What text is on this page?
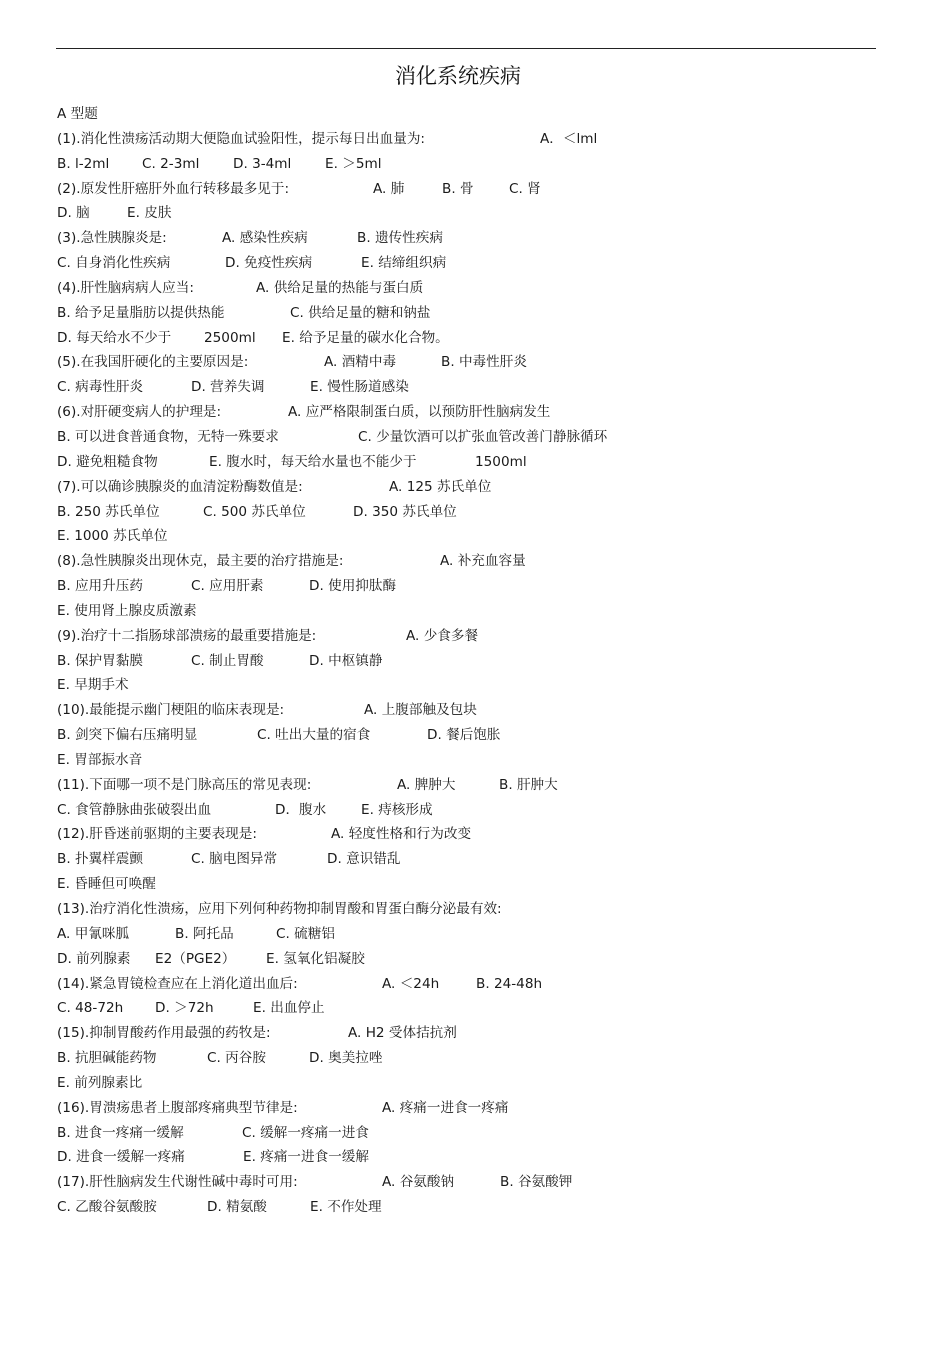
消化系统疾病
A 型题
(1).消化性溃疡活动期大便隐血试验阳性，提示每日出血量为:	A．＜lml
B. l-2ml C. 2-3ml D. 3-4ml E. ＞5ml
(2).原发性肝癌肝外血行转移最多见于:	A. 肺	B. 骨	C. 肾
D. 脑	E. 皮肤
(3).急性胰腺炎是:	A. 感染性疾病	B. 遗传性疾病
C. 自身消化性疾病	D. 免疫性疾病	E. 结缔组织病
(4).肝性脑病病人应当:	A. 供给足量的热能与蛋白质
B. 给予足量脂肪以提供热能	C. 供给足量的糖和钠盐
D. 每天给水不少于 2500ml E. 给予足量的碳水化合物。
(5).在我国肝硬化的主要原因是:	A. 酒精中毒	B. 中毒性肝炎
C. 病毒性肝炎	D. 营养失调	E. 慢性肠道感染
(6).对肝硬变病人的护理是:	A. 应严格限制蛋白质，以预防肝性脑病发生
B. 可以进食普通食物，无特一殊要求	C. 少量饮酒可以扩张血管改善门静脉循环
D. 避免粗糙食物	E. 腹水时，每天给水量也不能少于	1500ml
(7).可以确诊胰腺炎的血清淀粉酶数值是:	A. 125 苏氏单位
B. 250 苏氏单位	C. 500 苏氏单位	D. 350 苏氏单位
E. 1000 苏氏单位
(8).急性胰腺炎出现休克，最主要的治疗措施是:	A. 补充血容量
B. 应用升压药	C. 应用肝素	D. 使用抑肽酶
E. 使用肾上腺皮质激素
(9).治疗十二指肠球部溃疡的最重要措施是:	A. 少食多餐
B. 保护胃黏膜	C. 制止胃酸	D. 中枢镇静
E. 早期手术
(10).最能提示幽门梗阻的临床表现是:	A. 上腹部触及包块
B. 剑突下偏右压痛明显	C. 吐出大量的宿食	D. 餐后饱胀
E. 胃部振水音
(11).下面哪一项不是门脉高压的常见表现:	A. 脾肿大	B. 肝肿大
C. 食管静脉曲张破裂出血	D．腹水	E. 痔核形成
(12).肝昏迷前驱期的主要表现是:	A. 轻度性格和行为改变
B. 扑翼样震颤	C. 脑电图异常	D. 意识错乱
E. 昏睡但可唤醒
(13).治疗消化性溃疡，应用下列何种药物抑制胃酸和胃蛋白酶分泌最有效:
A. 甲氰咪胍	B. 阿托品	C. 硫糖铝
D. 前列腺素 E2（PGE2） E. 氢氧化铝凝胶
(14).紧急胃镜检查应在上消化道出血后:	A. ＜24h	B. 24-48h
C. 48-72h D. ＞72h	E. 出血停止
(15).抑制胃酸药作用最强的药牧是:	A. H2 受体拮抗剂
B. 抗胆碱能药物	C. 丙谷胺	D. 奥美拉唑
E. 前列腺素比
(16).胃溃疡患者上腹部疼痛典型节律是:	A. 疼痛一进食一疼痛
B. 进食一疼痛一缓解	C. 缓解一疼痛一进食
D. 进食一缓解一疼痛	E. 疼痛一进食一缓解
(17).肝性脑病发生代谢性碱中毒时可用:	A. 谷氨酸钠	B. 谷氨酸钾
C. 乙酸谷氨酸胺	D. 精氨酸	E. 不作处理
